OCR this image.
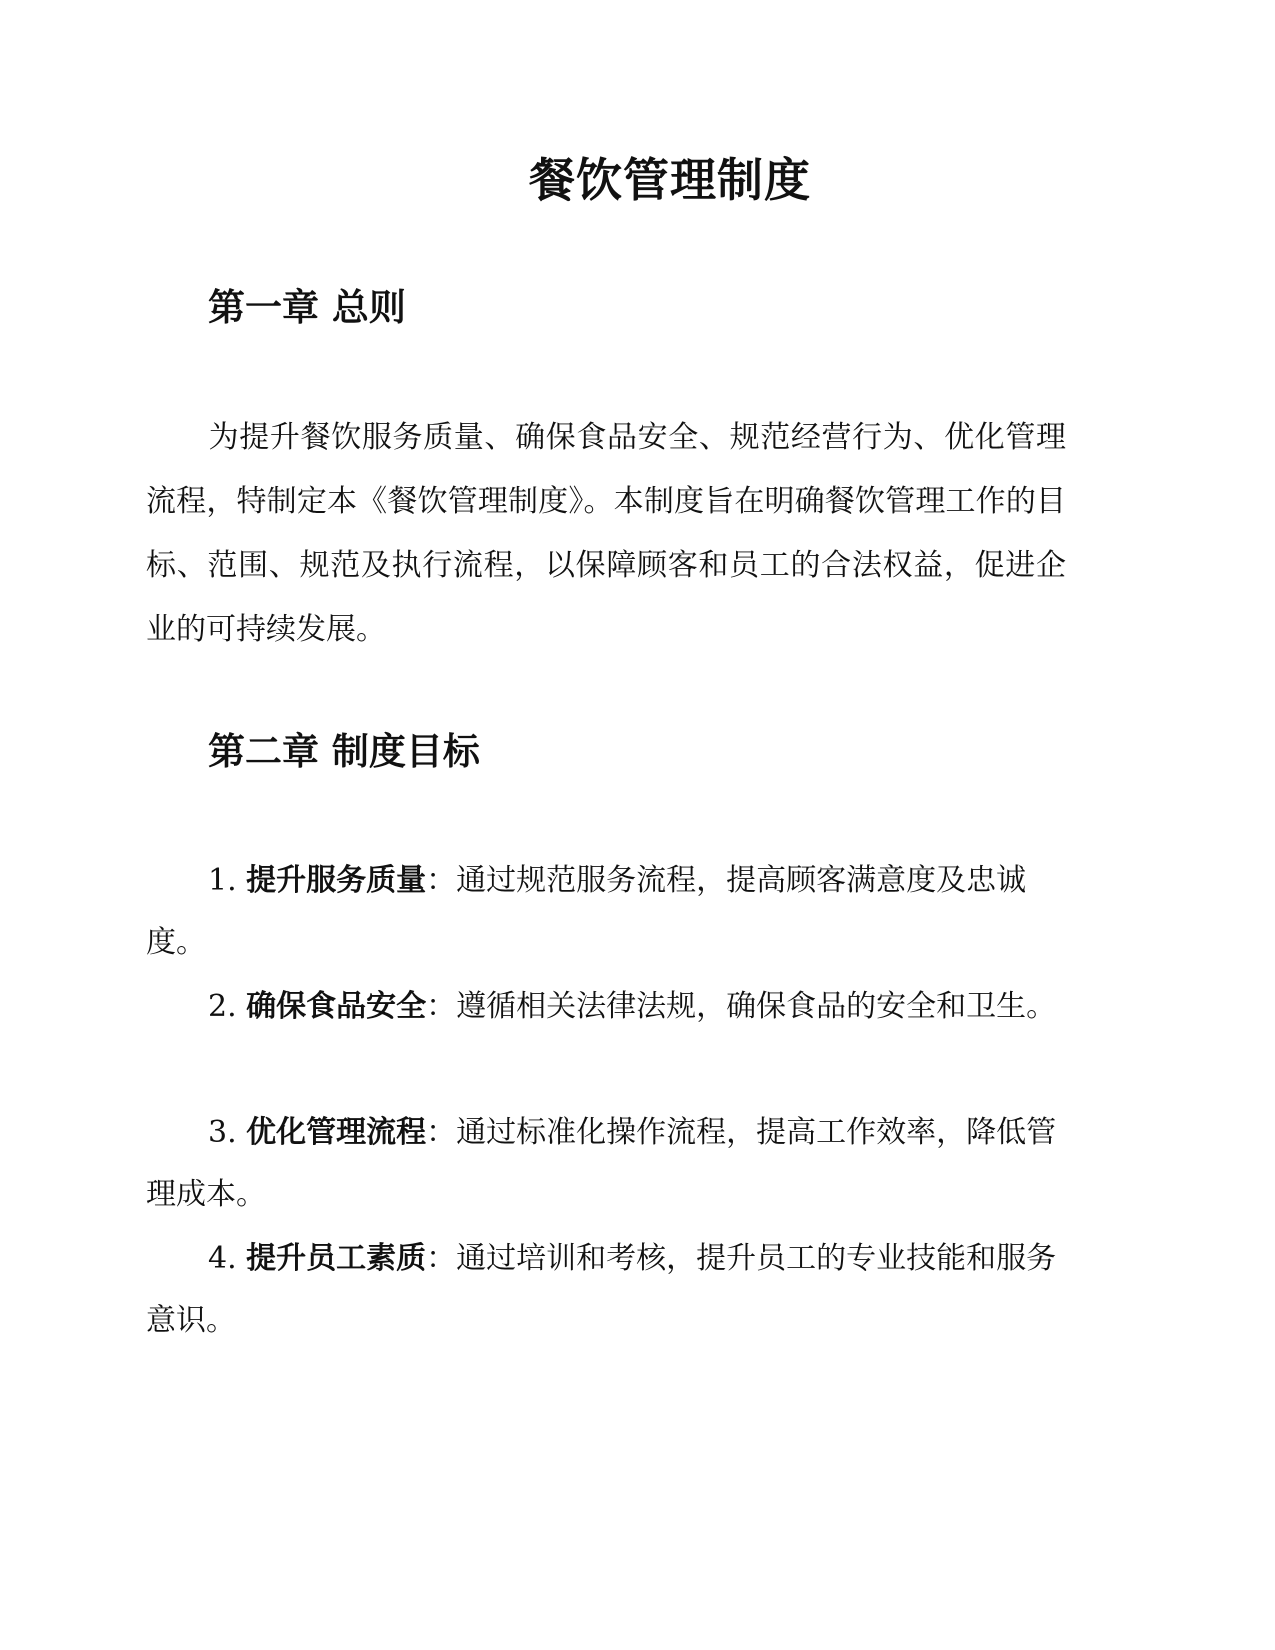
餐饮管理制度
第一章 总则

为提升餐饮服务质量、确保食品安全、规范经营行为、优化管理流程，特制定本《餐饮管理制度》。本制度旨在明确餐饮管理工作的目标、范围、规范及执行流程，以保障顾客和员工的合法权益，促进企业的可持续发展。

第二章 制度目标

1. 提升服务质量：通过规范服务流程，提高顾客满意度及忠诚度。

2. 确保食品安全：遵循相关法律法规，确保食品的安全和卫生。

3. 优化管理流程：通过标准化操作流程，提高工作效率，降低管理成本。

4. 提升员工素质：通过培训和考核，提升员工的专业技能和服务意识。
